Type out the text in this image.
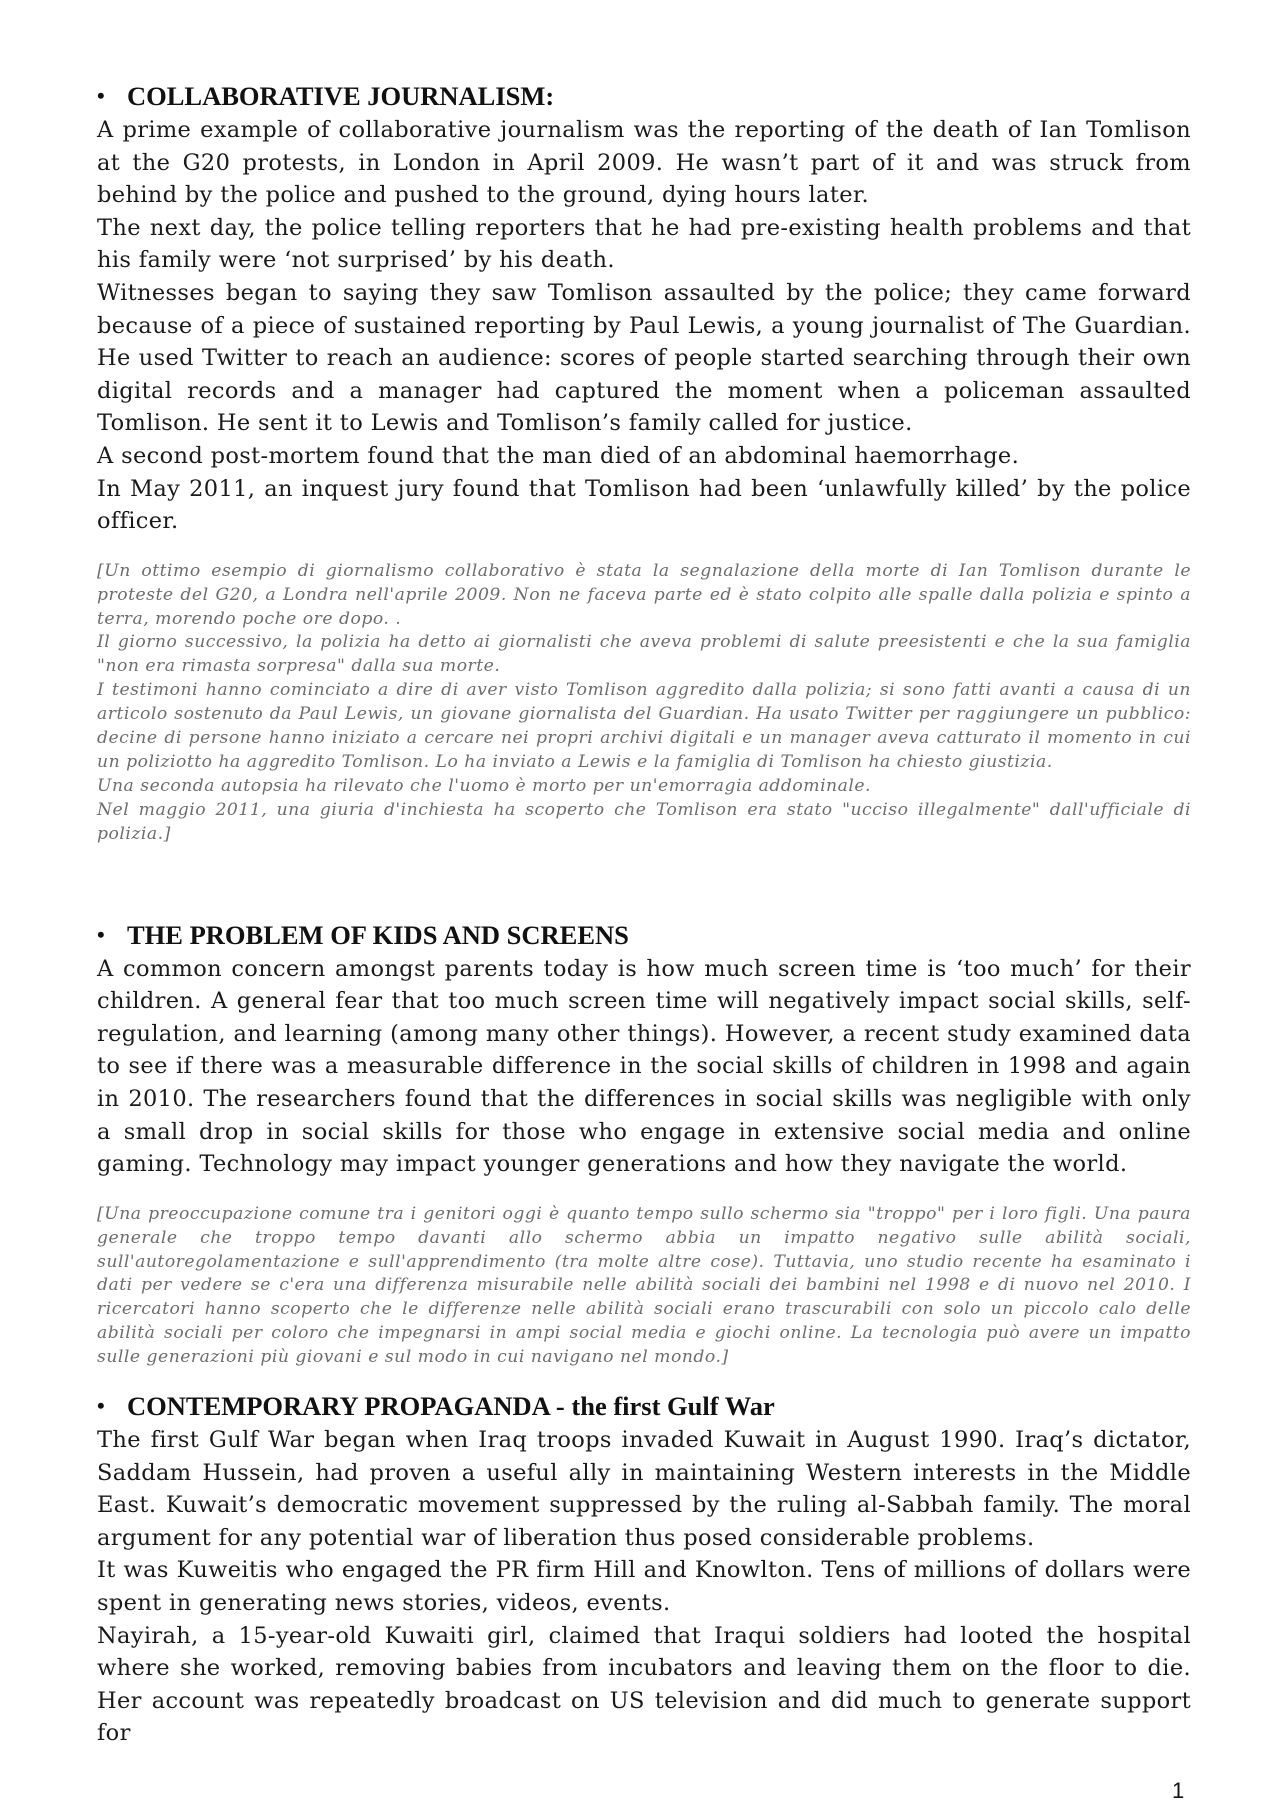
• COLLABORATIVE JOURNALISM:

A prime example of collaborative journalism was the reporting of the death of Ian Tomlison at the G20 protests, in London in April 2009. He wasn’t part of it and was struck from behind by the police and pushed to the ground, dying hours later.

The next day, the police telling reporters that he had pre-existing health problems and that his family were ‘not surprised’ by his death.

Witnesses began to saying they saw Tomlison assaulted by the police; they came forward because of a piece of sustained reporting by Paul Lewis, a young journalist of The Guardian. He used Twitter to reach an audience: scores of people started searching through their own digital records and a manager had captured the moment when a policeman assaulted Tomlison. He sent it to Lewis and Tomlison’s family called for justice.

A second post-mortem found that the man died of an abdominal haemorrhage.

In May 2011, an inquest jury found that Tomlison had been ‘unlawfully killed’ by the police officer.

[Un ottimo esempio di giornalismo collaborativo è stata la segnalazione della morte di Ian Tomlison durante le proteste del G20, a Londra nell'aprile 2009. Non ne faceva parte ed è stato colpito alle spalle dalla polizia e spinto a terra, morendo poche ore dopo. .

Il giorno successivo, la polizia ha detto ai giornalisti che aveva problemi di salute preesistenti e che la sua famiglia "non era rimasta sorpresa" dalla sua morte.

I testimoni hanno cominciato a dire di aver visto Tomlison aggredito dalla polizia; si sono fatti avanti a causa di un articolo sostenuto da Paul Lewis, un giovane giornalista del Guardian. Ha usato Twitter per raggiungere un pubblico: decine di persone hanno iniziato a cercare nei propri archivi digitali e un manager aveva catturato il momento in cui un poliziotto ha aggredito Tomlison. Lo ha inviato a Lewis e la famiglia di Tomlison ha chiesto giustizia.

Una seconda autopsia ha rilevato che l'uomo è morto per un'emorragia addominale.

Nel maggio 2011, una giuria d'inchiesta ha scoperto che Tomlison era stato "ucciso illegalmente" dall'ufficiale di polizia.]

• THE PROBLEM OF KIDS AND SCREENS

A common concern amongst parents today is how much screen time is ‘too much’ for their children. A general fear that too much screen time will negatively impact social skills, self-regulation, and learning (among many other things). However, a recent study examined data to see if there was a measurable difference in the social skills of children in 1998 and again in 2010. The researchers found that the differences in social skills was negligible with only a small drop in social skills for those who engage in extensive social media and online gaming. Technology may impact younger generations and how they navigate the world.

[Una preoccupazione comune tra i genitori oggi è quanto tempo sullo schermo sia "troppo" per i loro figli. Una paura generale che troppo tempo davanti allo schermo abbia un impatto negativo sulle abilità sociali, sull'autoregolamentazione e sull'apprendimento (tra molte altre cose). Tuttavia, uno studio recente ha esaminato i dati per vedere se c'era una differenza misurabile nelle abilità sociali dei bambini nel 1998 e di nuovo nel 2010. I ricercatori hanno scoperto che le differenze nelle abilità sociali erano trascurabili con solo un piccolo calo delle abilità sociali per coloro che impegnarsi in ampi social media e giochi online. La tecnologia può avere un impatto sulle generazioni più giovani e sul modo in cui navigano nel mondo.]

• CONTEMPORARY PROPAGANDA - the first Gulf War

The first Gulf War began when Iraq troops invaded Kuwait in August 1990. Iraq’s dictator, Saddam Hussein, had proven a useful ally in maintaining Western interests in the Middle East. Kuwait’s democratic movement suppressed by the ruling al-Sabbah family. The moral argument for any potential war of liberation thus posed considerable problems.

It was Kuweitis who engaged the PR firm Hill and Knowlton. Tens of millions of dollars were spent in generating news stories, videos, events.

Nayirah, a 15-year-old Kuwaiti girl, claimed that Iraqui soldiers had looted the hospital where she worked, removing babies from incubators and leaving them on the floor to die. Her account was repeatedly broadcast on US television and did much to generate support for

1
